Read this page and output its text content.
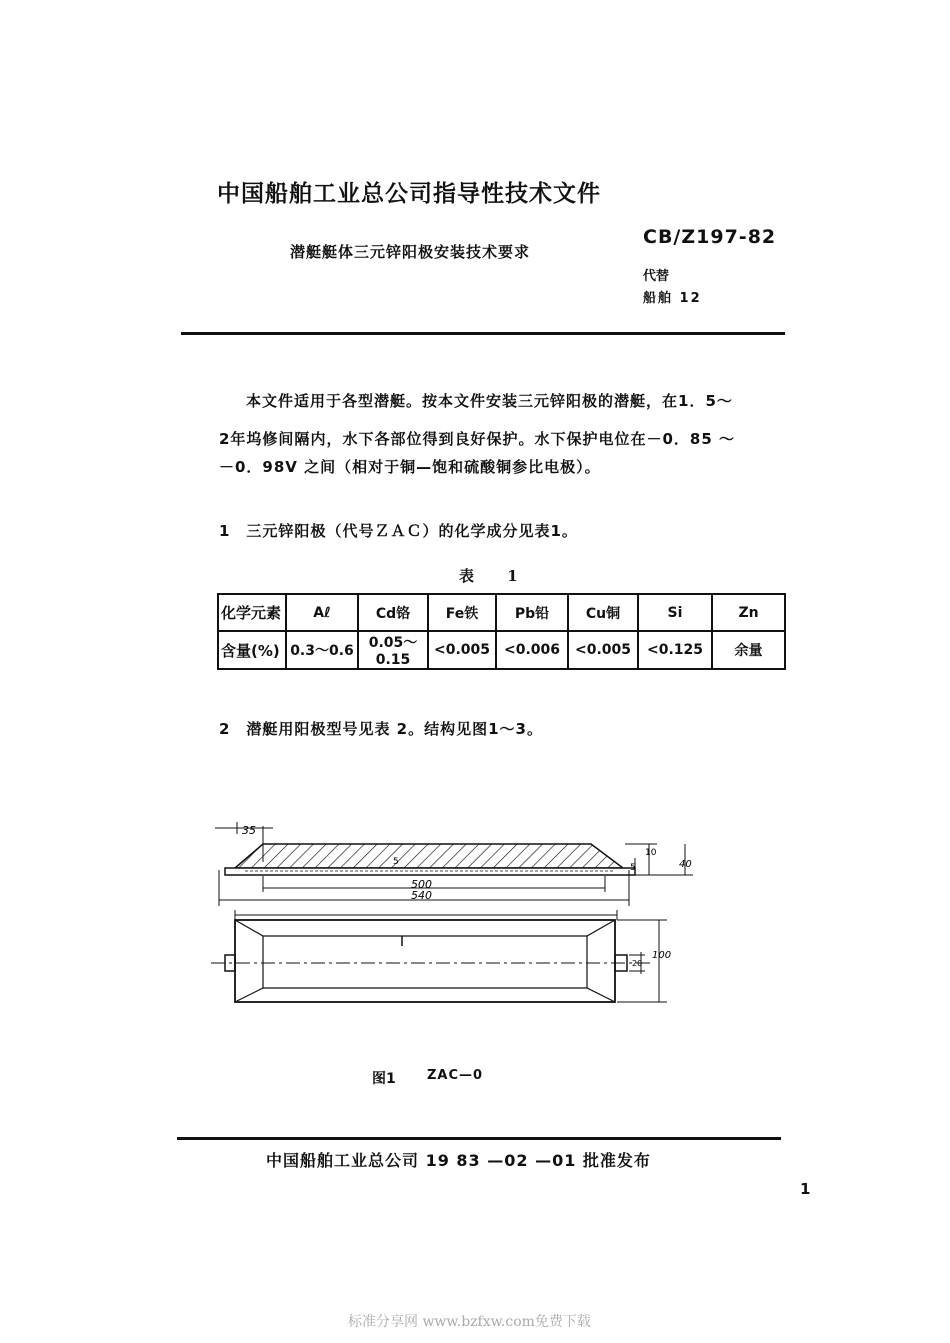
中国船舶工业总公司指导性技术文件
潜艇艇体三元锌阳极安装技术要求
CB/Z197-82
代替
船舶 12
本文件适用于各型潜艇。按本文件安装三元锌阳极的潜艇，在1．5～
2年坞修间隔内，水下各部位得到良好保护。水下保护电位在－0．85 ～
－0．98V 之间（相对于铜—饱和硫酸铜参比电极）。
1　三元锌阳极（代号ＺＡＣ）的化学成分见表1。
表 1
化学元素	Aℓ	Cd铬	Fe铁	Pb铅	Cu铜	Si	Zn
含量(%)	0.3～0.6	0.05～0.15	<0.005	<0.006	<0.005	<0.125	余量
2　潜艇用阳极型号见表 2。结构见图1～3。
35
5
500
540
5
10
40
100
20
图1 ZAC—0
中国船舶工业总公司 19 83 —02 —01 批准发布
1
标准分享网 www.bzfxw.com免费下载
